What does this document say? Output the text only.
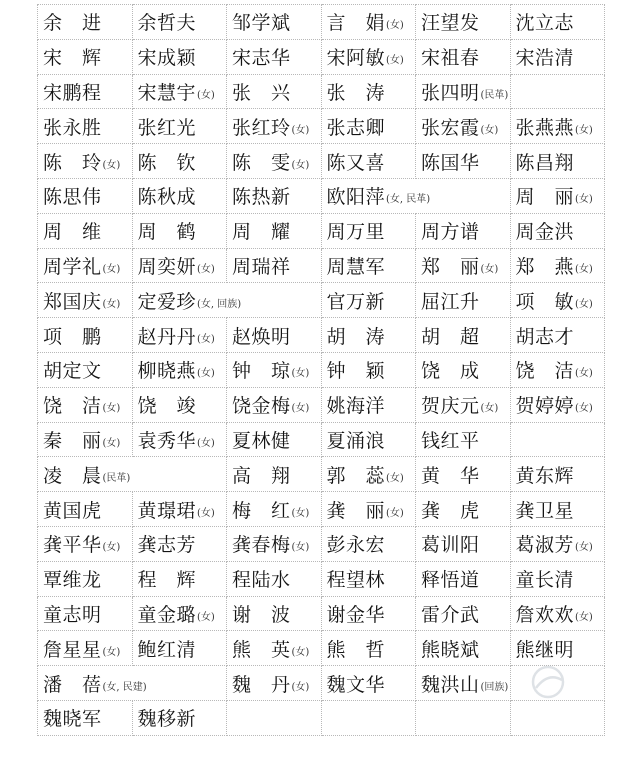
余　进	余哲夫	邹学斌	言　娟(女)	汪望发	沈立志
宋　辉	宋成颖	宋志华	宋阿敏(女)	宋祖春	宋浩清
宋鹏程	宋慧宇(女)	张　兴	张　涛	张四明(民革)	
张永胜	张红光	张红玲(女)	张志卿	张宏霞(女)	张燕燕(女)
陈　玲(女)	陈　钦	陈　雯(女)	陈又喜	陈国华	陈昌翔
陈思伟	陈秋成	陈热新	欧阳萍(女, 民革)		周　丽(女)
周　维	周　鹤	周　耀	周万里	周方谱	周金洪
周学礼(女)	周奕妍(女)	周瑞祥	周慧军	郑　丽(女)	郑　燕(女)
郑国庆(女)	定爱珍(女, 回族)		官万新	屈江升	项　敏(女)
项　鹏	赵丹丹(女)	赵焕明	胡　涛	胡　超	胡志才
胡定文	柳晓燕(女)	钟　琼(女)	钟　颖	饶　成	饶　洁(女)
饶　洁(女)	饶　竣	饶金梅(女)	姚海洋	贺庆元(女)	贺婷婷(女)
秦　丽(女)	袁秀华(女)	夏林健	夏涌浪	钱红平	
凌　晨(民革)		高　翔	郭　蕊(女)	黄　华	黄东辉
黄国虎	黄璟珺(女)	梅　红(女)	龚　丽(女)	龚　虎	龚卫星
龚平华(女)	龚志芳	龚春梅(女)	彭永宏	葛训阳	葛淑芳(女)
覃维龙	程　辉	程陆水	程望林	释悟道	童长清
童志明	童金璐(女)	谢　波	谢金华	雷介武	詹欢欢(女)
詹星星(女)	鲍红清	熊　英(女)	熊　哲	熊晓斌	熊继明
潘　蓓(女, 民建)		魏　丹(女)	魏文华	魏洪山(回族)	
魏晓军	魏移新				
